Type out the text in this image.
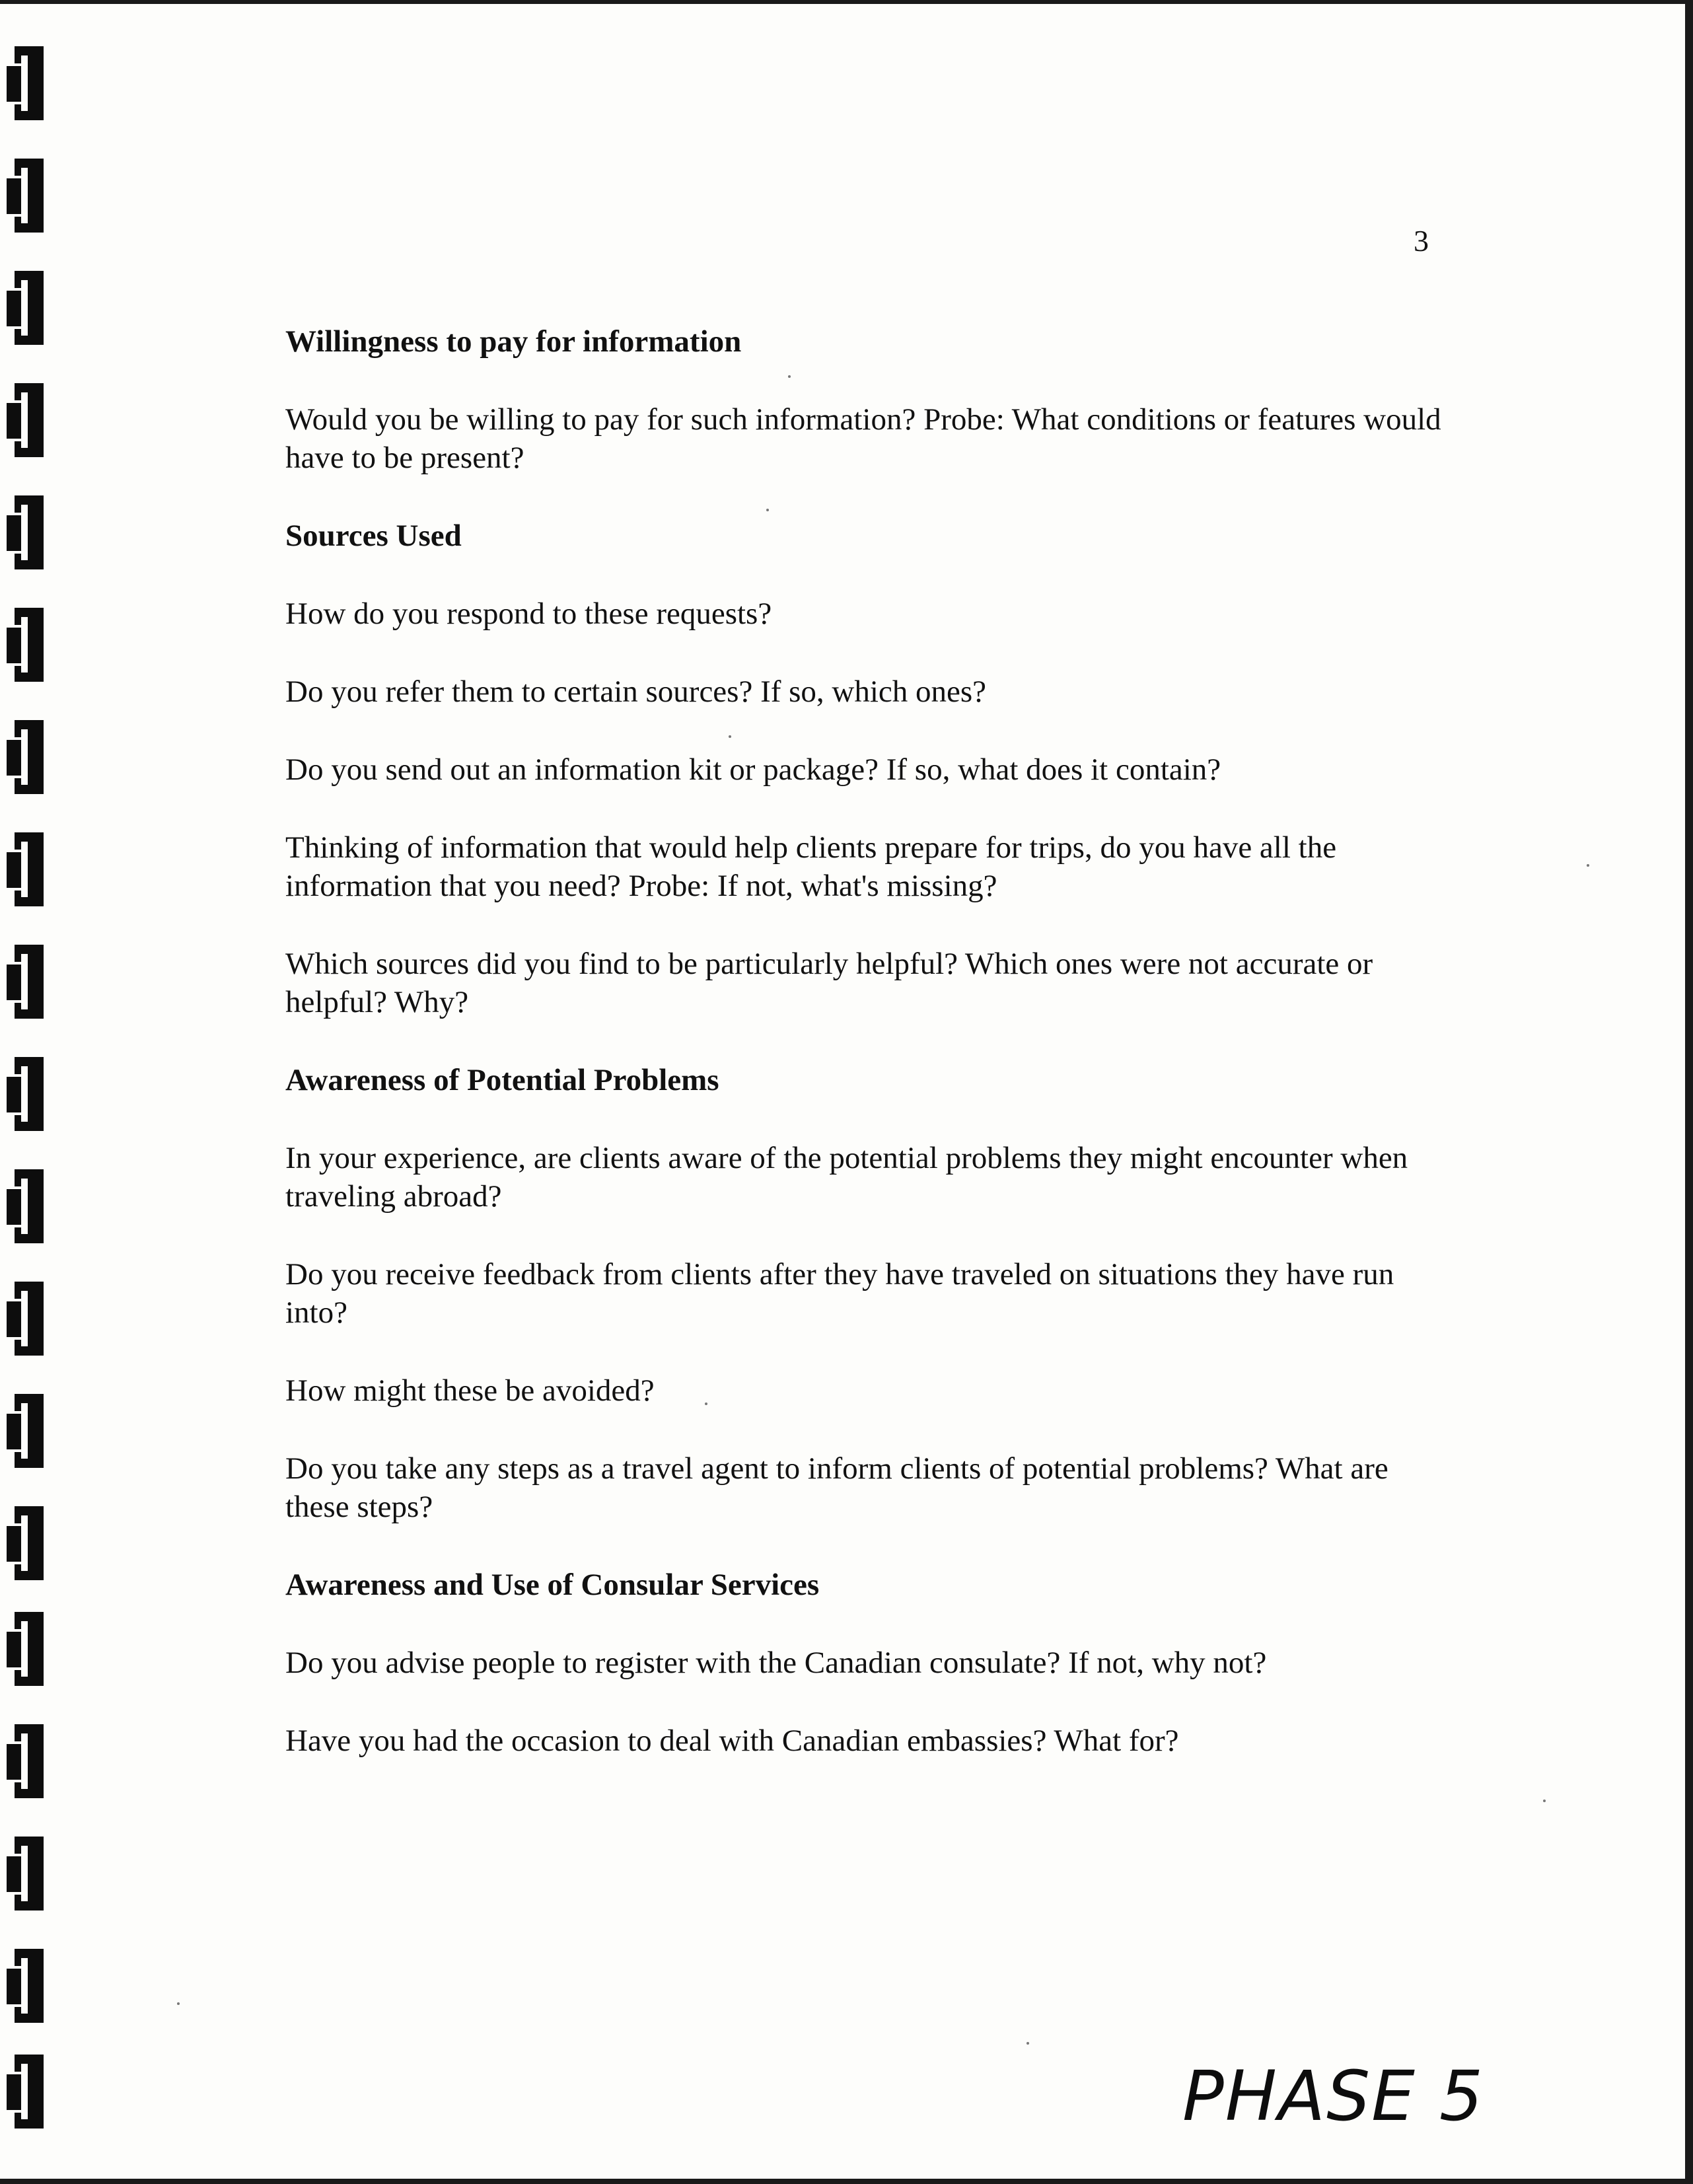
3
Willingness to pay for information
Would you be willing to pay for such information? Probe: What conditions or features would have to be present?
Sources Used
How do you respond to these requests?
Do you refer them to certain sources? If so, which ones?
Do you send out an information kit or package? If so, what does it contain?
Thinking of information that would help clients prepare for trips, do you have all the information that you need? Probe: If not, what's missing?
Which sources did you find to be particularly helpful? Which ones were not accurate or helpful? Why?
Awareness of Potential Problems
In your experience, are clients aware of the potential problems they might encounter when traveling abroad?
Do you receive feedback from clients after they have traveled on situations they have run into?
How might these be avoided?
Do you take any steps as a travel agent to inform clients of potential problems? What are these steps?
Awareness and Use of Consular Services
Do you advise people to register with the Canadian consulate? If not, why not?
Have you had the occasion to deal with Canadian embassies? What for?
PHASE 5
